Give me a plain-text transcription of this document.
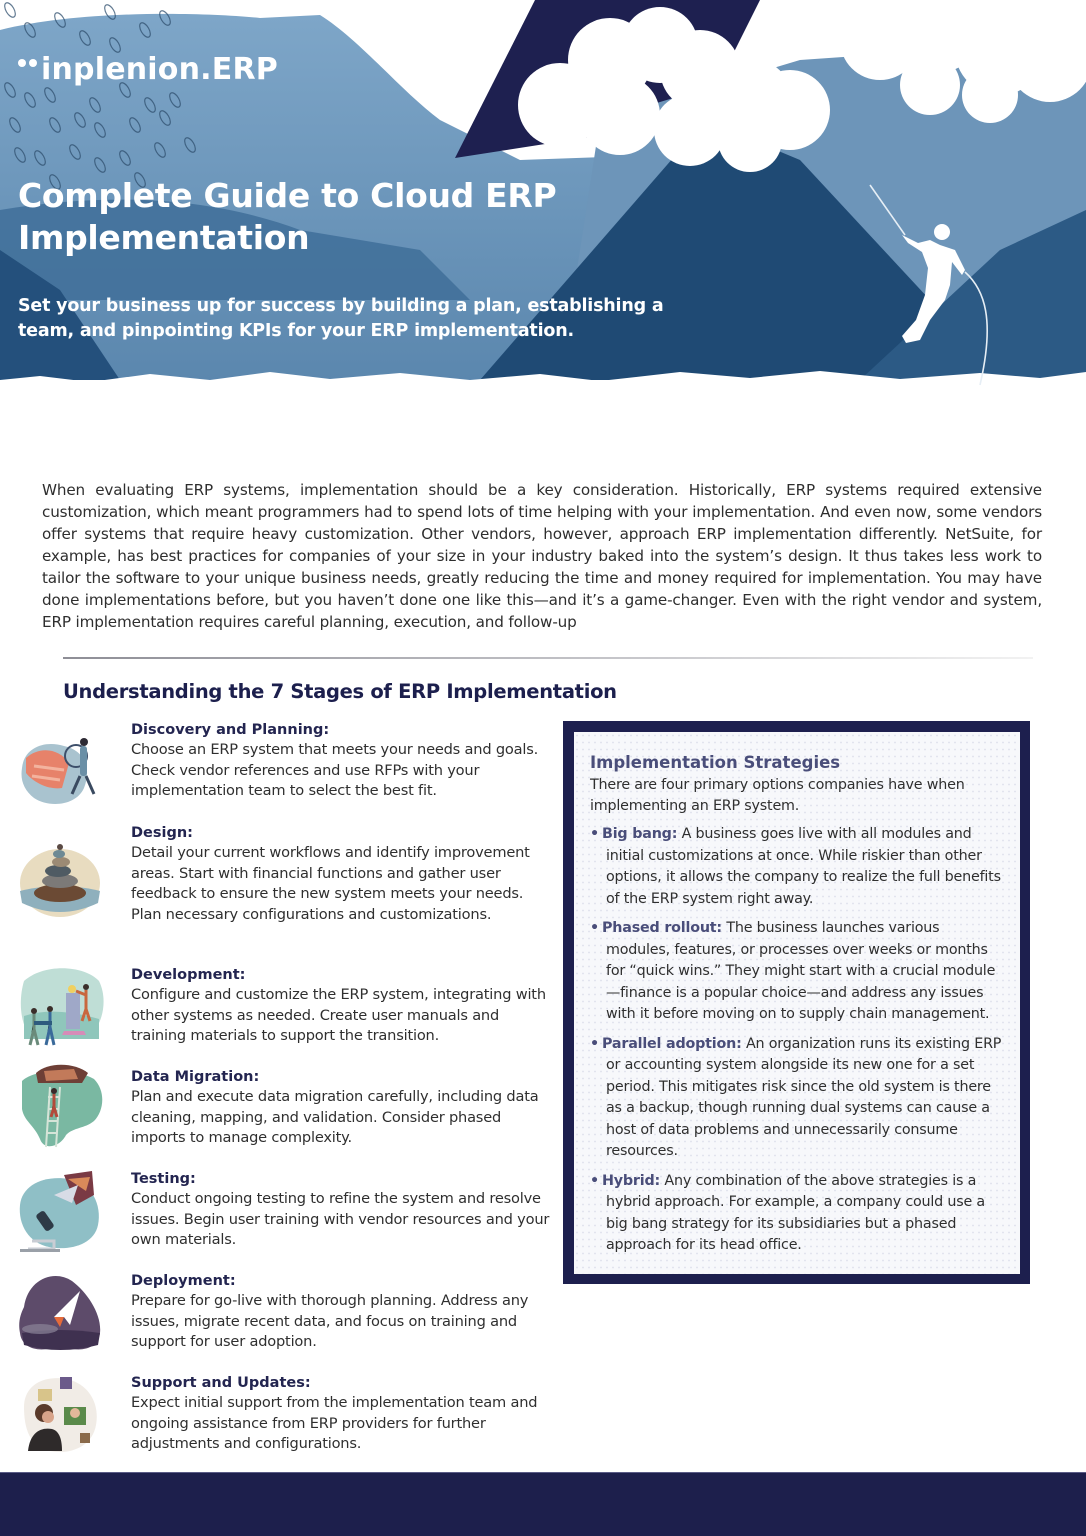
inplenion.ERP
Complete Guide to Cloud ERP
Implementation

Set your business up for success by building a plan, establishing a team, and pinpointing KPIs for your ERP implementation.

When evaluating ERP systems, implementation should be a key consideration. Historically, ERP systems required extensive customization, which meant programmers had to spend lots of time helping with your implementation. And even now, some vendors offer systems that require heavy customization. Other vendors, however, approach ERP implementation differently. NetSuite, for example, has best practices for companies of your size in your industry baked into the system’s design. It thus takes less work to tailor the software to your unique business needs, greatly reducing the time and money required for implementation. You may have done implementations before, but you haven’t done one like this—and it’s a game-changer. Even with the right vendor and system, ERP implementation requires careful planning, execution, and follow-up

Understanding the 7 Stages of ERP Implementation
Discovery and Planning:
Choose an ERP system that meets your needs and goals. Check vendor references and use RFPs with your implementation team to select the best fit.
Design:
Detail your current workflows and identify improvement areas. Start with financial functions and gather user feedback to ensure the new system meets your needs. Plan necessary configurations and customizations.
Development:
Configure and customize the ERP system, integrating with other systems as needed. Create user manuals and training materials to support the transition.
Data Migration:
Plan and execute data migration carefully, including data cleaning, mapping, and validation. Consider phased imports to manage complexity.
Testing:
Conduct ongoing testing to refine the system and resolve issues. Begin user training with vendor resources and your own materials.
Deployment:
Prepare for go-live with thorough planning. Address any issues, migrate recent data, and focus on training and support for user adoption.
Support and Updates:
Expect initial support from the implementation team and ongoing assistance from ERP providers for further adjustments and configurations.
Implementation Strategies

There are four primary options companies have when implementing an ERP system.

• Big bang: A business goes live with all modules and initial customizations at once. While riskier than other options, it allows the company to realize the full benefits of the ERP system right away.
• Phased rollout: The business launches various modules, features, or processes over weeks or months for “quick wins.” They might start with a crucial module—finance is a popular choice—and address any issues with it before moving on to supply chain management.
• Parallel adoption: An organization runs its existing ERP or accounting system alongside its new one for a set period. This mitigates risk since the old system is there as a backup, though running dual systems can cause a host of data problems and unnecessarily consume resources.
• Hybrid: Any combination of the above strategies is a hybrid approach. For example, a company could use a big bang strategy for its subsidiaries but a phased approach for its head office.
